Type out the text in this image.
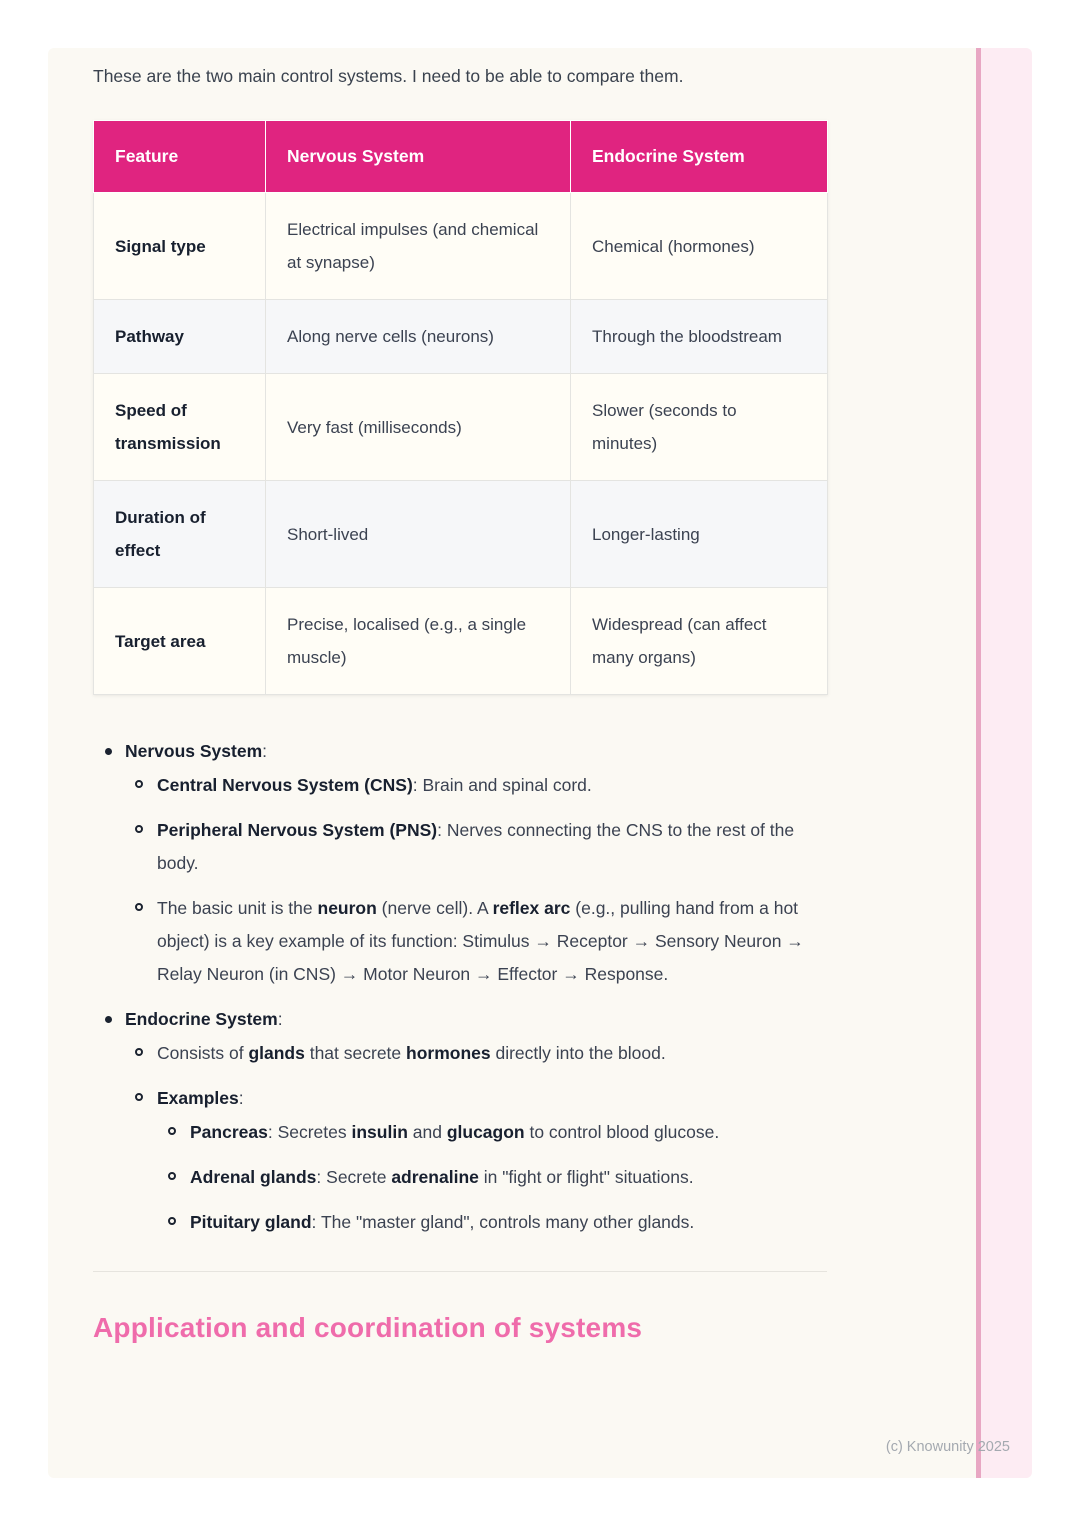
These are the two main control systems. I need to be able to compare them.

Feature	Nervous System	Endocrine System
Signal type	Electrical impulses (and chemical at synapse)	Chemical (hormones)
Pathway	Along nerve cells (neurons)	Through the bloodstream
Speed of transmission	Very fast (milliseconds)	Slower (seconds to minutes)
Duration of effect	Short-lived	Longer-lasting
Target area	Precise, localised (e.g., a single muscle)	Widespread (can affect many organs)
Nervous System:
Central Nervous System (CNS): Brain and spinal cord.
Peripheral Nervous System (PNS): Nerves connecting the CNS to the rest of the body.
The basic unit is the neuron (nerve cell). A reflex arc (e.g., pulling hand from a hot object) is a key example of its function: Stimulus → Receptor → Sensory Neuron → Relay Neuron (in CNS) → Motor Neuron → Effector → Response.
Endocrine System:
Consists of glands that secrete hormones directly into the blood.
Examples:
Pancreas: Secretes insulin and glucagon to control blood glucose.
Adrenal glands: Secrete adrenaline in "fight or flight" situations.
Pituitary gland: The "master gland", controls many other glands.
Application and coordination of systems
(c) Knowunity 2025
